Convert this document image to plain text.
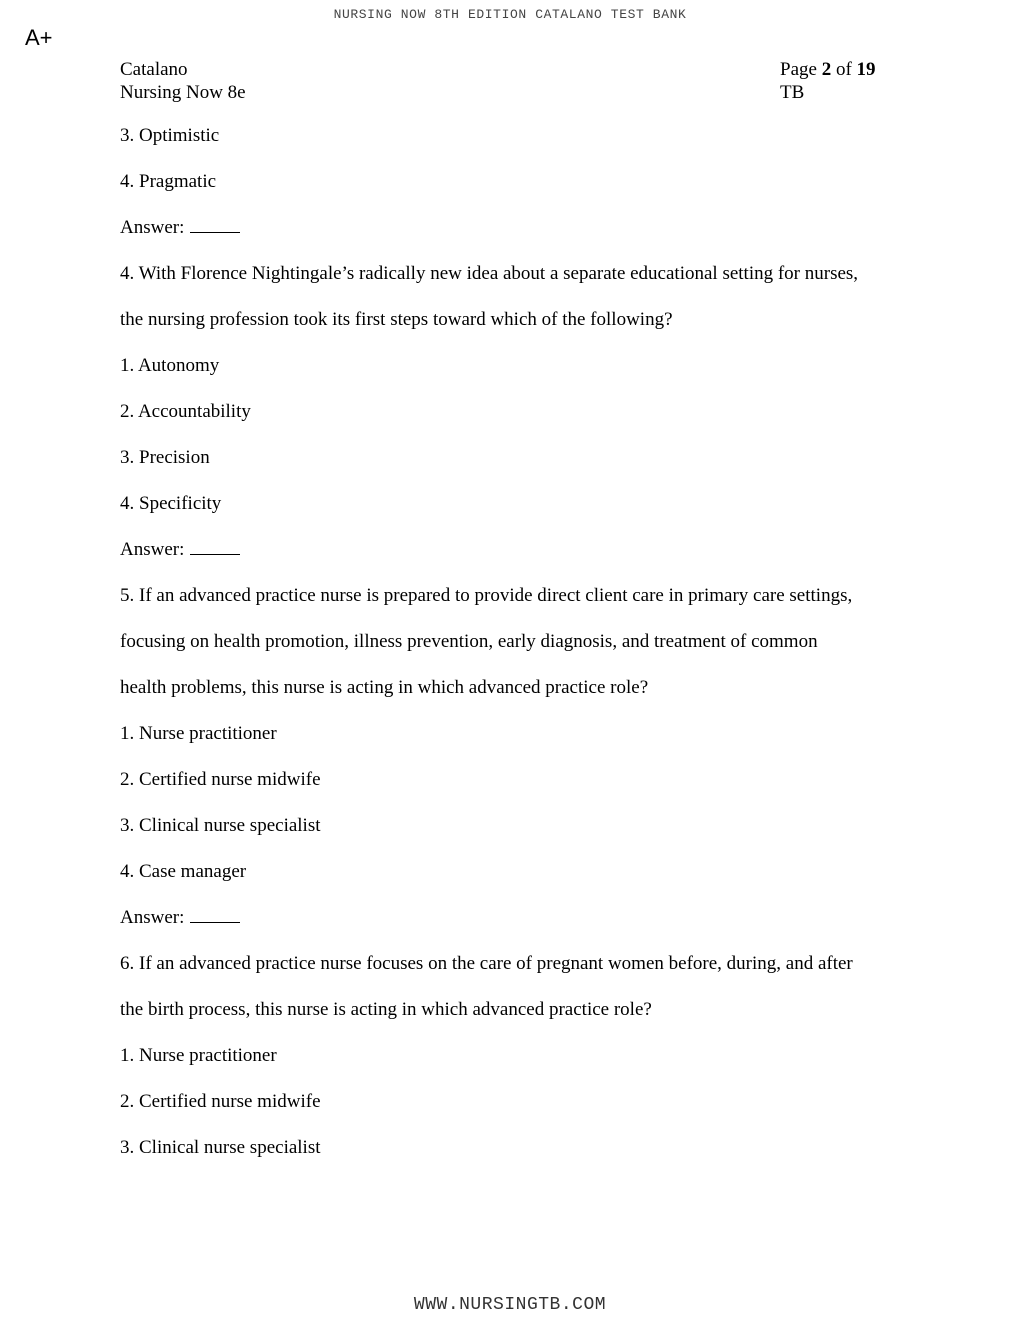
NURSING NOW 8TH EDITION CATALANO TEST BANK
A+
Catalano
Nursing Now 8e
Page 2 of 19
TB

3. Optimistic

4. Pragmatic

Answer:

4. With Florence Nightingale’s radically new idea about a separate educational setting for nurses,

the nursing profession took its first steps toward which of the following?

1. Autonomy

2. Accountability

3. Precision

4. Specificity

Answer:

5. If an advanced practice nurse is prepared to provide direct client care in primary care settings,

focusing on health promotion, illness prevention, early diagnosis, and treatment of common

health problems, this nurse is acting in which advanced practice role?

1. Nurse practitioner

2. Certified nurse midwife

3. Clinical nurse specialist

4. Case manager

Answer:

6. If an advanced practice nurse focuses on the care of pregnant women before, during, and after

the birth process, this nurse is acting in which advanced practice role?

1. Nurse practitioner

2. Certified nurse midwife

3. Clinical nurse specialist

WWW.NURSINGTB.COM
